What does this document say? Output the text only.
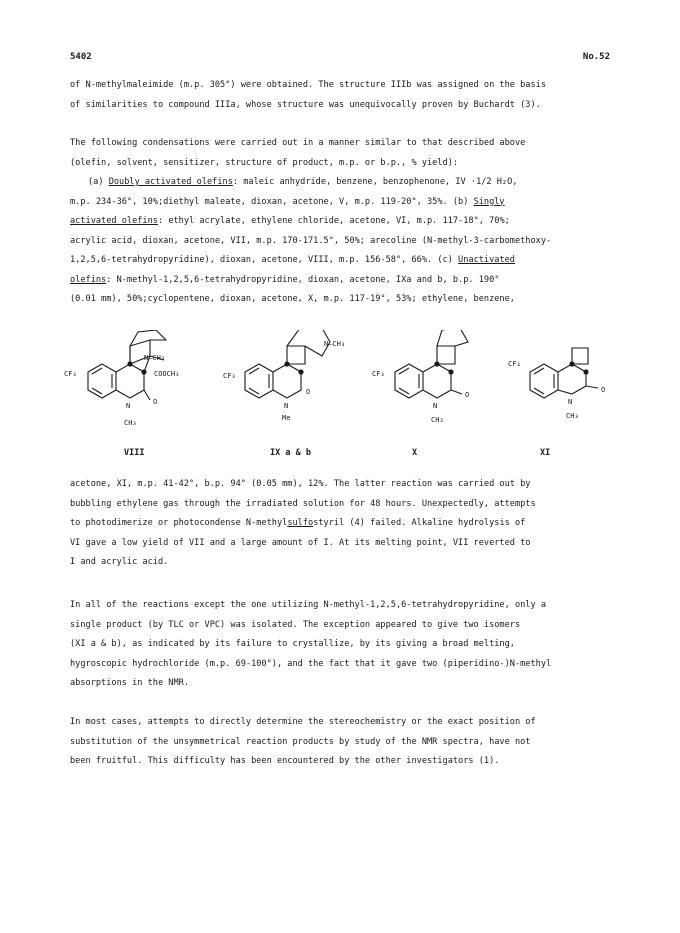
5402	No.52
of N-methylmaleimide (m.p. 305°) were obtained. The structure IIIb was assigned on the basis
of similarities to compound IIIa, whose structure was unequivocally proven by Buchardt (3).
The following condensations were carried out in a manner similar to that described above
(olefin, solvent, sensitizer, structure of product, m.p. or b.p., % yield):
(a) Doubly activated olefins: maleic anhydride, benzene, benzophenone, IV ·1/2 H₂O,
m.p. 234-36°, 10%;diethyl maleate, dioxan, acetone, V, m.p. 119-20°, 35%. (b) Singly
activated olefins: ethyl acrylate, ethylene chloride, acetone, VI, m.p. 117-18°, 70%;
acrylic acid, dioxan, acetone, VII, m.p. 170-171.5°, 50%; arecoline (N-methyl-3-carbomethoxy-
1,2,5,6-tetrahydropyridine), dioxan, acetone, VIII, m.p. 156-58°, 66%. (c) Unactivated
olefins: N-methyl-1,2,5,6-tetrahydropyridine, dioxan, acetone, IXa and b, b.p. 190°
(0.01 mm), 50%;cyclopentene, dioxan, acetone, X, m.p. 117-19°, 53%; ethylene, benzene,
CF₃
N—CH₃
COOCH₃
O
N
CH₃
CF₃
N—CH₃
O
N
Me
CF₃
O
N
CH₃
CF₃
O
N
CH₃
VIII	IX a & b	X	XI
acetone, XI, m.p. 41-42°, b.p. 94° (0.05 mm), 12%. The latter reaction was carried out by
bubbling ethylene gas through the irradiated solution for 48 hours. Unexpectedly, attempts
to photodimerize or photocondense N-methylsulfostyril (4) failed. Alkaline hydrolysis of
VI gave a low yield of VII and a large amount of I. At its melting point, VII reverted to
I and acrylic acid.
In all of the reactions except the one utilizing N-methyl-1,2,5,6-tetrahydropyridine, only a
single product (by TLC or VPC) was isolated. The exception appeared to give two isomers
(XI a & b), as indicated by its failure to crystallize, by its giving a broad melting,
hygroscopic hydrochloride (m.p. 69-100°), and the fact that it gave two (piperidino-)N-methyl
absorptions in the NMR.
In most cases, attempts to directly determine the stereochemistry or the exact position of
substitution of the unsymmetrical reaction products by study of the NMR spectra, have not
been fruitful. This difficulty has been encountered by the other investigators (1).
